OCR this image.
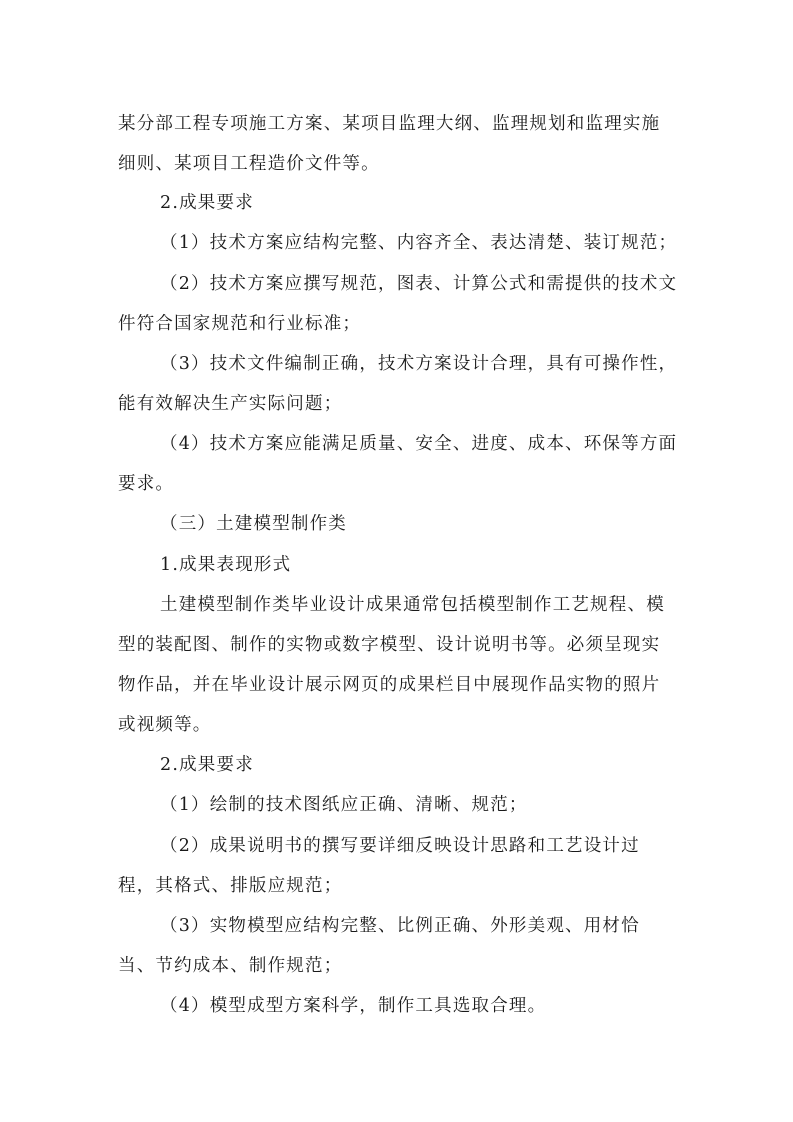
某分部工程专项施工方案、某项目监理大纲、监理规划和监理实施
细则、某项目工程造价文件等。
2.成果要求
（1）技术方案应结构完整、内容齐全、表达清楚、装订规范；
（2）技术方案应撰写规范，图表、计算公式和需提供的技术文
件符合国家规范和行业标准；
（3）技术文件编制正确，技术方案设计合理，具有可操作性，
能有效解决生产实际问题；
（4）技术方案应能满足质量、安全、进度、成本、环保等方面
要求。
（三）土建模型制作类
1.成果表现形式
土建模型制作类毕业设计成果通常包括模型制作工艺规程、模
型的装配图、制作的实物或数字模型、设计说明书等。必须呈现实
物作品，并在毕业设计展示网页的成果栏目中展现作品实物的照片
或视频等。
2.成果要求
（1）绘制的技术图纸应正确、清晰、规范；
（2）成果说明书的撰写要详细反映设计思路和工艺设计过
程，其格式、排版应规范；
（3）实物模型应结构完整、比例正确、外形美观、用材恰
当、节约成本、制作规范；
（4）模型成型方案科学，制作工具选取合理。
